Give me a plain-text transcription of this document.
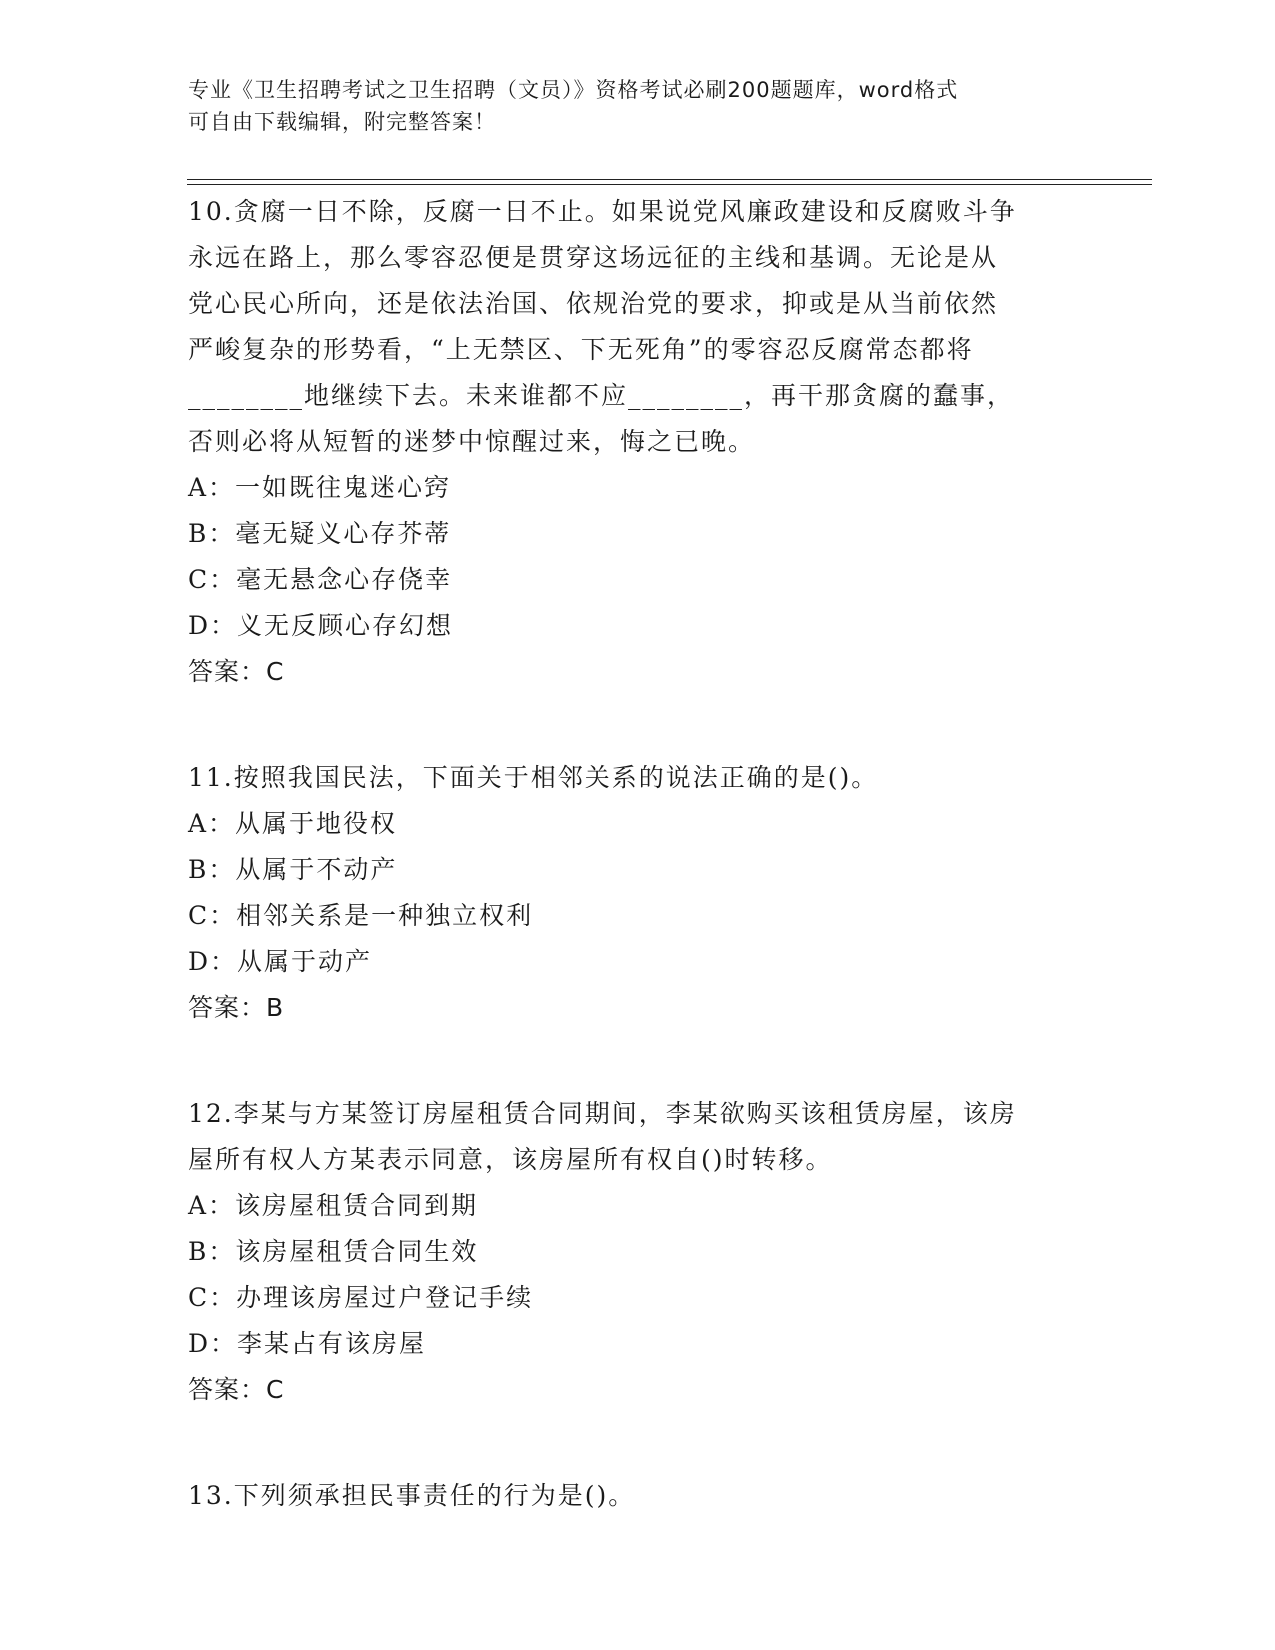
专业《卫生招聘考试之卫生招聘（文员）》资格考试必刷200题题库，word格式
可自由下载编辑，附完整答案！
10.贪腐一日不除，反腐一日不止。如果说党风廉政建设和反腐败斗争
永远在路上，那么零容忍便是贯穿这场远征的主线和基调。无论是从
党心民心所向，还是依法治国、依规治党的要求，抑或是从当前依然
严峻复杂的形势看，“上无禁区、下无死角”的零容忍反腐常态都将
________地继续下去。未来谁都不应________，再干那贪腐的蠢事，
否则必将从短暂的迷梦中惊醒过来，悔之已晚。
A：一如既往鬼迷心窍
B：毫无疑义心存芥蒂
C：毫无悬念心存侥幸
D：义无反顾心存幻想
答案：C
11.按照我国民法，下面关于相邻关系的说法正确的是()。
A：从属于地役权
B：从属于不动产
C：相邻关系是一种独立权利
D：从属于动产
答案：B
12.李某与方某签订房屋租赁合同期间，李某欲购买该租赁房屋，该房
屋所有权人方某表示同意，该房屋所有权自()时转移。
A：该房屋租赁合同到期
B：该房屋租赁合同生效
C：办理该房屋过户登记手续
D：李某占有该房屋
答案：C
13.下列须承担民事责任的行为是()。
